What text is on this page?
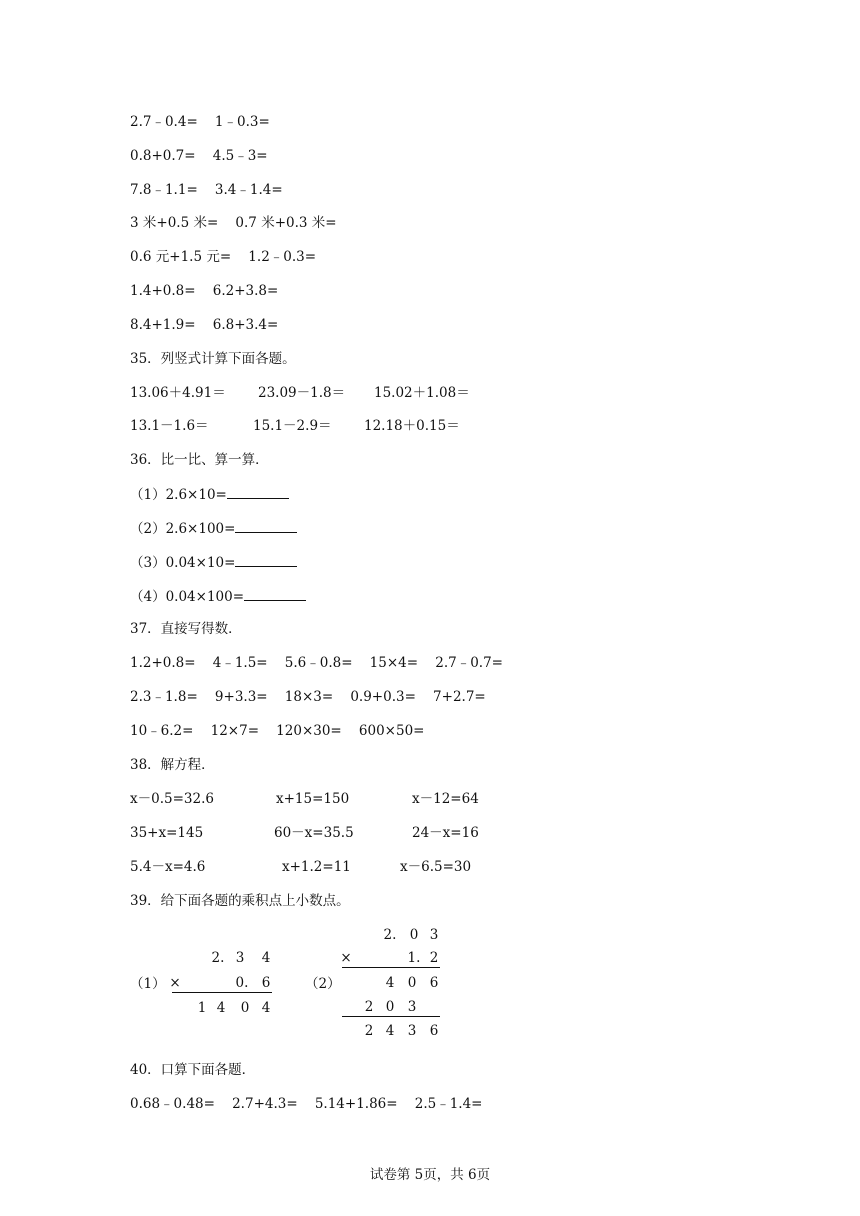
2.7﹣0.4=    1﹣0.3=
0.8+0.7=    4.5﹣3=
7.8﹣1.1=    3.4﹣1.4=
3 米+0.5 米=    0.7 米+0.3 米=
0.6 元+1.5 元=    1.2﹣0.3=
1.4+0.8=    6.2+3.8=
8.4+1.9=    6.8+3.4=
35．列竖式计算下面各题。
13.06＋4.91＝ 23.09－1.8＝ 15.02＋1.08＝
13.1－1.6＝	15.1－2.9＝ 12.18＋0.15＝
36．比一比、算一算．
（1）2.6×10=
（2）2.6×100=
（3）0.04×10=
（4）0.04×100=
37．直接写得数．
1.2+0.8=    4﹣1.5=    5.6﹣0.8=    15×4=    2.7﹣0.7=
2.3﹣1.8=    9+3.3=    18×3=    0.9+0.3=    7+2.7=
10﹣6.2=    12×7=    120×30=    600×50=
38．解方程．
x－0.5=32.6	x+15=150	x－12=64
35+x=145	60－x=35.5	24－x=16
5.4－x=4.6	x+1.2=11	x－6.5=30
39．给下面各题的乘积点上小数点。
（1）
2. 3 4
×	0. 6
1 4 0 4
（2）
2. 0 3
×	1. 2
4 0 6
2 0 3
2 4 3 6
40．口算下面各题．
0.68﹣0.48=    2.7+4.3=    5.14+1.86=    2.5﹣1.4=
试卷第 5页，共 6页
